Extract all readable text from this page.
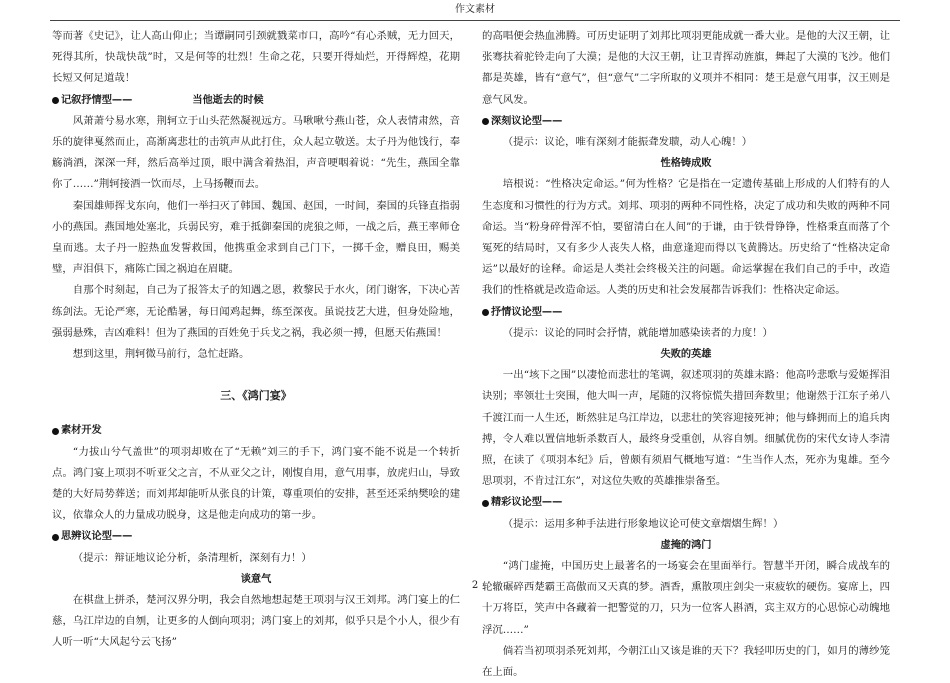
作文素材

等而著《史记》，让人高山仰止；当谭嗣同引颈就戮菜市口，高吟“有心杀贼，无力回天，死得其所，快哉快哉”时，又是何等的壮烈！生命之花，只要开得灿烂，开得辉煌，花期长短又何足道哉！

记叙抒情型——	当他逝去的时候

风萧萧兮易水寒，荆轲立于山头茫然凝视远方。马啾啾兮燕山苍，众人表情肃然，音乐的旋律戛然而止，高渐离悲壮的击筑声从此打住，众人起立敬送。太子丹为他饯行，奉觞淌酒，深深一拜，然后高举过顶，眼中满含着热泪，声音哽咽着说：“先生，燕国全靠你了……”荆轲接酒一饮而尽，上马扬鞭而去。

秦国雄师挥戈东向，他们一举扫灭了韩国、魏国、赵国，一时间，秦国的兵锋直指弱小的燕国。燕国地处塞北，兵弱民穷，难于抵御秦国的虎狼之师，一战之后，燕王率师仓皇而逃。太子丹一腔热血发誓救国，他携重金求到自己门下，一掷千金，赠良田，赐美璧，声泪俱下，痛陈亡国之祸迫在眉睫。

自那个时刻起，自己为了报答太子的知遇之恩，救黎民于水火，闭门谢客，下决心苦练剑法。无论严寒，无论酷暑，每日闻鸡起舞，练至深夜。虽说技艺大进，但身处险地，强弱悬殊，吉凶难料！但为了燕国的百姓免于兵戈之祸，我必须一搏，但愿天佑燕国！

想到这里，荆轲微马前行，急忙赶路。

三、《鸿门宴》
素材开发

“力拔山兮气盖世”的项羽却败在了“无赖”刘三的手下，鸿门宴不能不说是一个转折点。鸿门宴上项羽不听亚父之言，不从亚父之计，刚愎自用，意气用事，放虎归山，导致楚的大好局势葬送；而刘邦却能听从张良的计策，尊重项伯的安排，甚至还采纳樊哙的建议，依靠众人的力量成功脱身，这是他走向成功的第一步。

思辨议论型——

（提示：辩证地议论分析，条清理析，深刻有力！）

谈意气

在棋盘上拼杀，楚河汉界分明，我会自然地想起楚王项羽与汉王刘邦。鸿门宴上的仁慈，乌江岸边的自刎，让更多的人倒向项羽；鸿门宴上的刘邦，似乎只是个小人，很少有人听一听“大风起兮云飞扬”

的高唱便会热血沸腾。可历史证明了刘邦比项羽更能成就一番大业。是他的大汉王朝，让张骞扶着驼铃走向了大漠；是他的大汉王朝，让卫青挥动旌旗，舞起了大漠的飞沙。他们都是英雄，皆有“意气”，但“意气”二字所取的义项并不相同：楚王是意气用事，汉王则是意气风发。

深刻议论型——

（提示：议论，唯有深刻才能振聋发聩，动人心魄！）

性格铸成败

培根说：“性格决定命运。”何为性格？它是指在一定遗传基础上形成的人们特有的人生态度和习惯性的行为方式。刘邦、项羽的两种不同性格，决定了成功和失败的两种不同命运。当“粉身碎骨浑不怕，要留清白在人间”的于谦，由于铁骨铮铮，性格秉直而落了个冤死的结局时，又有多少人丧失人格，曲意逢迎而得以飞黄腾达。历史给了“性格决定命运”以最好的诠释。命运是人类社会终极关注的问题。命运掌握在我们自己的手中，改造我们的性格就是改造命运。人类的历史和社会发展都告诉我们：性格决定命运。

抒情议论型——

（提示：议论的同时会抒情，就能增加感染读者的力度！）

失败的英雄

一出“垓下之围”以凄怆而悲壮的笔调，叙述项羽的英雄末路：他高吟悲歌与爱姬挥泪诀别；率领壮士突围，他大叫一声，尾随的汉将惊慌失措回奔数里；他谢然于江东子弟八千渡江而一人生还，断然驻足乌江岸边，以悲壮的笑容迎接死神；他与蜂拥而上的追兵肉搏，令人难以置信地斩杀数百人，最终身受重创，从容自刎。细腻优伤的宋代女诗人李清照，在读了《项羽本纪》后，曾颇有须眉气概地写道：“生当作人杰，死亦为鬼雄。至今思项羽，不肯过江东”，对这位失败的英雄推崇备至。

精彩议论型——

（提示：运用多种手法进行形象地议论可使文章熠熠生辉！）

虚掩的鸿门

“鸿门虚掩，中国历史上最著名的一场宴会在里面举行。智慧半开闭，瞬合成战车的轮辙碾碎西楚霸王高傲而又天真的梦。酒香，熏散项庄剑尖一束疲软的硬伤。宴席上，四十万将臣，笑声中各藏着一把警觉的刀，只为一位客人斟酒，宾主双方的心思惊心动魄地浮沉……”

倘若当初项羽杀死刘邦，今朝江山又该是谁的天下？我轻叩历史的门，如月的薄纱笼在上面。

2
